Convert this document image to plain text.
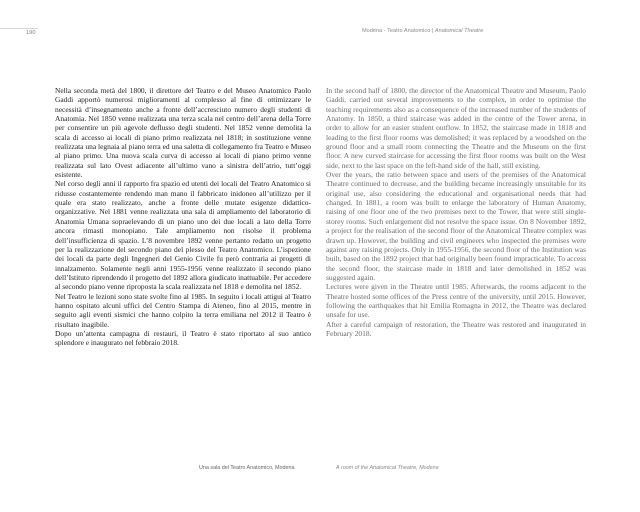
190	Modena - Teatro Anatomico | Anatomical Theatre

Nella seconda metà del 1800, il direttore del Teatro e del Museo Anatomico Paolo Gaddi apportò numerosi miglioramenti al complesso al fine di ottimizzare le necessità d’insegnamento anche a fronte dell’accresciuto numero degli studenti di Anatomia. Nel 1850 venne realizzata una terza scala nel centro dell’arena della Torre per consentire un più agevole deflusso degli studenti. Nel 1852 venne demolita la scala di accesso ai locali di piano primo realizzata nel 1818; in sostituzione venne realizzata una legnaia al piano terra ed una saletta di collegamento fra Teatro e Museo al piano primo. Una nuova scala curva di accesso ai locali di piano primo venne realizzata sul lato Ovest adiacente all’ultimo vano a sinistra dell’atrio, tutt’oggi esistente.

Nel corso degli anni il rapporto fra spazio ed utenti dei locali del Teatro Anatomico si ridusse costantemente rendendo man mano il fabbricato inidoneo all’utilizzo per il quale era stato realizzato, anche a fronte delle mutate esigenze didattico-organizzative. Nel 1881 venne realizzata una sala di ampliamento del laboratorio di Anatomia Umana sopraelevando di un piano uno dei due locali a lato della Torre ancora rimasti monopiano. Tale ampliamento non risolse il problema dell’insufficienza di spazio. L’8 novembre 1892 venne pertanto redatto un progetto per la realizzazione del secondo piano del plesso del Teatro Anatomico. L’ispezione dei locali da parte degli Ingegneri del Genio Civile fu però contraria ai progetti di innalzamento. Solamente negli anni 1955-1956 venne realizzato il secondo piano dell’Istituto riprendendo il progetto del 1892 allora giudicato inattuabile. Per accedere al secondo piano venne riproposta la scala realizzata nel 1818 e demolita nel 1852.

Nel Teatro le lezioni sono state svolte fino al 1985. In seguito i locali attigui al Teatro hanno ospitato alcuni uffici del Centro Stampa di Ateneo, fino al 2015, mentre in seguito agli eventi sismici che hanno colpito la terra emiliana nel 2012 il Teatro è risultato inagibile.

Dopo un’attenta campagna di restauri, il Teatro è stato riportato al suo antico splendore e inaugurato nel febbraio 2018.

In the second half of 1800, the director of the Anatomical Theatre and Museum, Paolo Gaddi, carried out several improvements to the complex, in order to optimise the teaching requirements also as a consequence of the increased number of the students of Anatomy. In 1850, a third staircase was added in the centre of the Tower arena, in order to allow for an easier student outflow. In 1852, the staircase made in 1818 and leading to the first floor rooms was demolished; it was replaced by a woodshed on the ground floor and a small room connecting the Theatre and the Museum on the first floor. A new curved staircase for accessing the first floor rooms was built on the West side, next to the last space on the left-hand side of the hall, still existing.

Over the years, the ratio between space and users of the premises of the Anatomical Theatre continued to decrease, and the building became increasingly unsuitable for its original use, also considering the educational and organisational needs that had changed. In 1881, a room was built to enlarge the laboratory of Human Anatomy, raising of one floor one of the two premises next to the Tower, that were still single-storey rooms. Such enlargement did not resolve the space issue. On 8 November 1892, a project for the realisation of the second floor of the Anatomical Theatre complex was drawn up. However, the building and civil engineers who inspected the premises were against any raising projects. Only in 1955-1956, the second floor of the Institution was built, based on the 1892 project that had originally been found impracticable. To access the second floor, the staircase made in 1818 and later demolished in 1852 was suggested again.

Lectures were given in the Theatre until 1985. Afterwards, the rooms adjacent to the Theatre hosted some offices of the Press centre of the university, until 2015. However, following the earthquakes that hit Emilia Romagna in 2012, the Theatre was declared unsafe for use.

After a careful campaign of restoration, the Theatre was restored and inaugurated in February 2018.

Una sala del Teatro Anatomico, Modena	A room of the Anatomical Theatre, Modena
